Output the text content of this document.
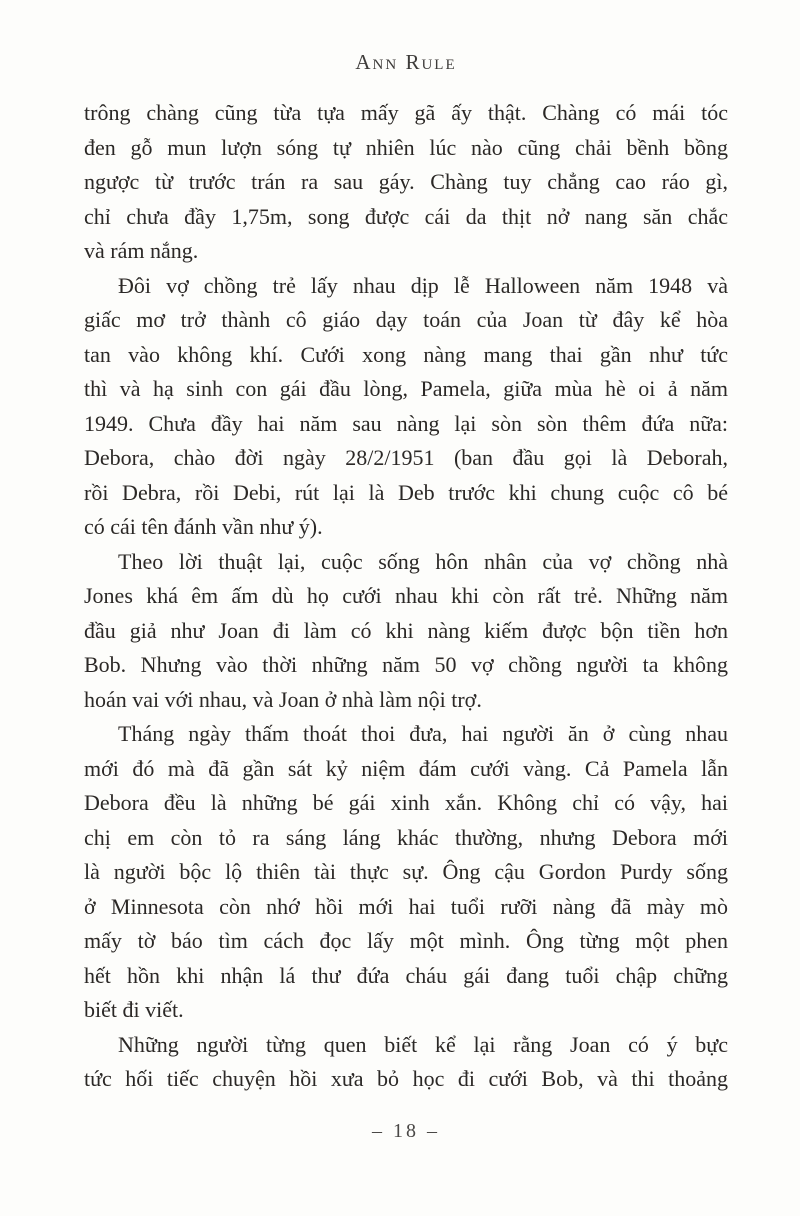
Ann Rule
trông chàng cũng từa tựa mấy gã ấy thật. Chàng có mái tóc
đen gỗ mun lượn sóng tự nhiên lúc nào cũng chải bềnh bồng
ngược từ trước trán ra sau gáy. Chàng tuy chẳng cao ráo gì,
chỉ chưa đầy 1,75m, song được cái da thịt nở nang săn chắc
và rám nắng.
Đôi vợ chồng trẻ lấy nhau dịp lễ Halloween năm 1948 và
giấc mơ trở thành cô giáo dạy toán của Joan từ đây kể hòa
tan vào không khí. Cưới xong nàng mang thai gần như tức
thì và hạ sinh con gái đầu lòng, Pamela, giữa mùa hè oi ả năm
1949. Chưa đầy hai năm sau nàng lại sòn sòn thêm đứa nữa:
Debora, chào đời ngày 28/2/1951 (ban đầu gọi là Deborah,
rồi Debra, rồi Debi, rút lại là Deb trước khi chung cuộc cô bé
có cái tên đánh vần như ý).
Theo lời thuật lại, cuộc sống hôn nhân của vợ chồng nhà
Jones khá êm ấm dù họ cưới nhau khi còn rất trẻ. Những năm
đầu giả như Joan đi làm có khi nàng kiếm được bộn tiền hơn
Bob. Nhưng vào thời những năm 50 vợ chồng người ta không
hoán vai với nhau, và Joan ở nhà làm nội trợ.
Tháng ngày thấm thoát thoi đưa, hai người ăn ở cùng nhau
mới đó mà đã gần sát kỷ niệm đám cưới vàng. Cả Pamela lẫn
Debora đều là những bé gái xinh xắn. Không chỉ có vậy, hai
chị em còn tỏ ra sáng láng khác thường, nhưng Debora mới
là người bộc lộ thiên tài thực sự. Ông cậu Gordon Purdy sống
ở Minnesota còn nhớ hồi mới hai tuổi rưỡi nàng đã mày mò
mấy tờ báo tìm cách đọc lấy một mình. Ông từng một phen
hết hồn khi nhận lá thư đứa cháu gái đang tuổi chập chững
biết đi viết.
Những người từng quen biết kể lại rằng Joan có ý bực
tức hối tiếc chuyện hồi xưa bỏ học đi cưới Bob, và thi thoảng
– 18 –
